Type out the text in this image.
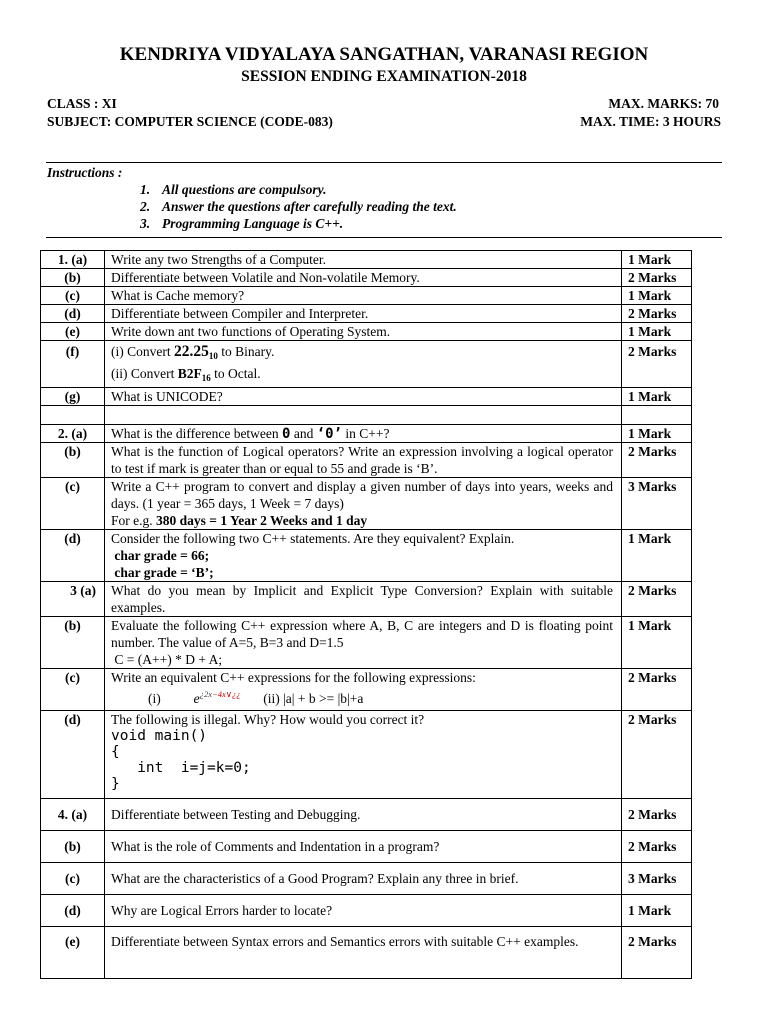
KENDRIYA VIDYALAYA SANGATHAN, VARANASI REGION
SESSION ENDING EXAMINATION-2018
CLASS : XI
SUBJECT: COMPUTER SCIENCE (CODE-083)
MAX. MARKS: 70
MAX. TIME: 3 HOURS
Instructions :
1. All questions are compulsory.
2. Answer the questions after carefully reading the text.
3. Programming Language is C++.
1. (a)	Write any two Strengths of a Computer.	1 Mark
(b)	Differentiate between Volatile and Non-volatile Memory.	2 Marks
(c)	What is Cache memory?	1 Mark
(d)	Differentiate between Compiler and Interpreter.	2 Marks
(e)	Write down ant two functions of Operating System.	1 Mark
(f)	(i) Convert $22.25_{10}$ to Binary.
(ii) Convert $B2F_{16}$ to Octal.	2 Marks
(g)	What is UNICODE?	1 Mark

2. (a)	What is the difference between 0 and ‘0’ in C++?	1 Mark
(b)	What is the function of Logical operators? Write an expression involving a logical operator to test if mark is greater than or equal to 55 and grade is ‘B’.	2 Marks
(c)	Write a C++ program to convert and display a given number of days into years, weeks and days. (1 year = 365 days, 1 Week = 7 days)
For e.g. 380 days = 1 Year 2 Weeks and 1 day	3 Marks
(d)	Consider the following two C++ statements. Are they equivalent? Explain.
char grade = 66;
char grade = ‘B’;	1 Mark
3 (a)	What do you mean by Implicit and Explicit Type Conversion? Explain with suitable examples.	2 Marks
(b)	Evaluate the following C++ expression where A, B, C are integers and D is floating point number. The value of A=5, B=3 and D=1.5
C = (A++) * D + A;	1 Mark
(c)	Write an equivalent C++ expressions for the following expressions:
(i) $e^{¿2x-4x\vee¿¿}$ (ii) |a| + b >= |b|+a	2 Marks
(d)	The following is illegal. Why? How would you correct it?
void main()
{
int  i=j=k=0;
}	2 Marks
4. (a)	Differentiate between Testing and Debugging.	2 Marks
(b)	What is the role of Comments and Indentation in a program?	2 Marks
(c)	What are the characteristics of a Good Program? Explain any three in brief.	3 Marks
(d)	Why are Logical Errors harder to locate?	1 Mark
(e)	Differentiate between Syntax errors and Semantics errors with suitable C++ examples.	2 Marks
